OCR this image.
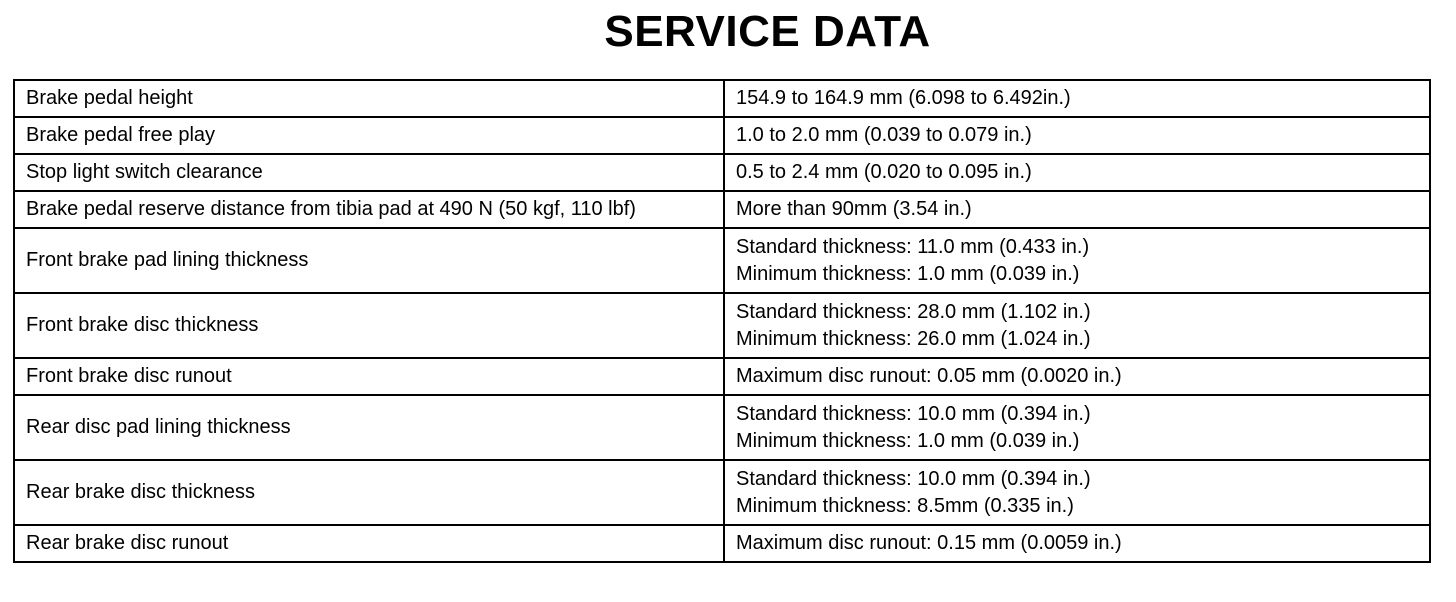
SERVICE DATA
Brake pedal height	154.9 to 164.9 mm (6.098 to 6.492in.)

Brake pedal free play	1.0 to 2.0 mm (0.039 to 0.079 in.)

Stop light switch clearance	0.5 to 2.4 mm (0.020 to 0.095 in.)

Brake pedal reserve distance from tibia pad at 490 N (50 kgf, 110 lbf)	More than 90mm (3.54 in.)

Front brake pad lining thickness	Standard thickness: 11.0 mm (0.433 in.)
Minimum thickness: 1.0 mm (0.039 in.)

Front brake disc thickness	Standard thickness: 28.0 mm (1.102 in.)
Minimum thickness: 26.0 mm (1.024 in.)

Front brake disc runout	Maximum disc runout: 0.05 mm (0.0020 in.)

Rear disc pad lining thickness	Standard thickness: 10.0 mm (0.394 in.)
Minimum thickness: 1.0 mm (0.039 in.)

Rear brake disc thickness	Standard thickness: 10.0 mm (0.394 in.)
Minimum thickness: 8.5mm (0.335 in.)

Rear brake disc runout	Maximum disc runout: 0.15 mm (0.0059 in.)
